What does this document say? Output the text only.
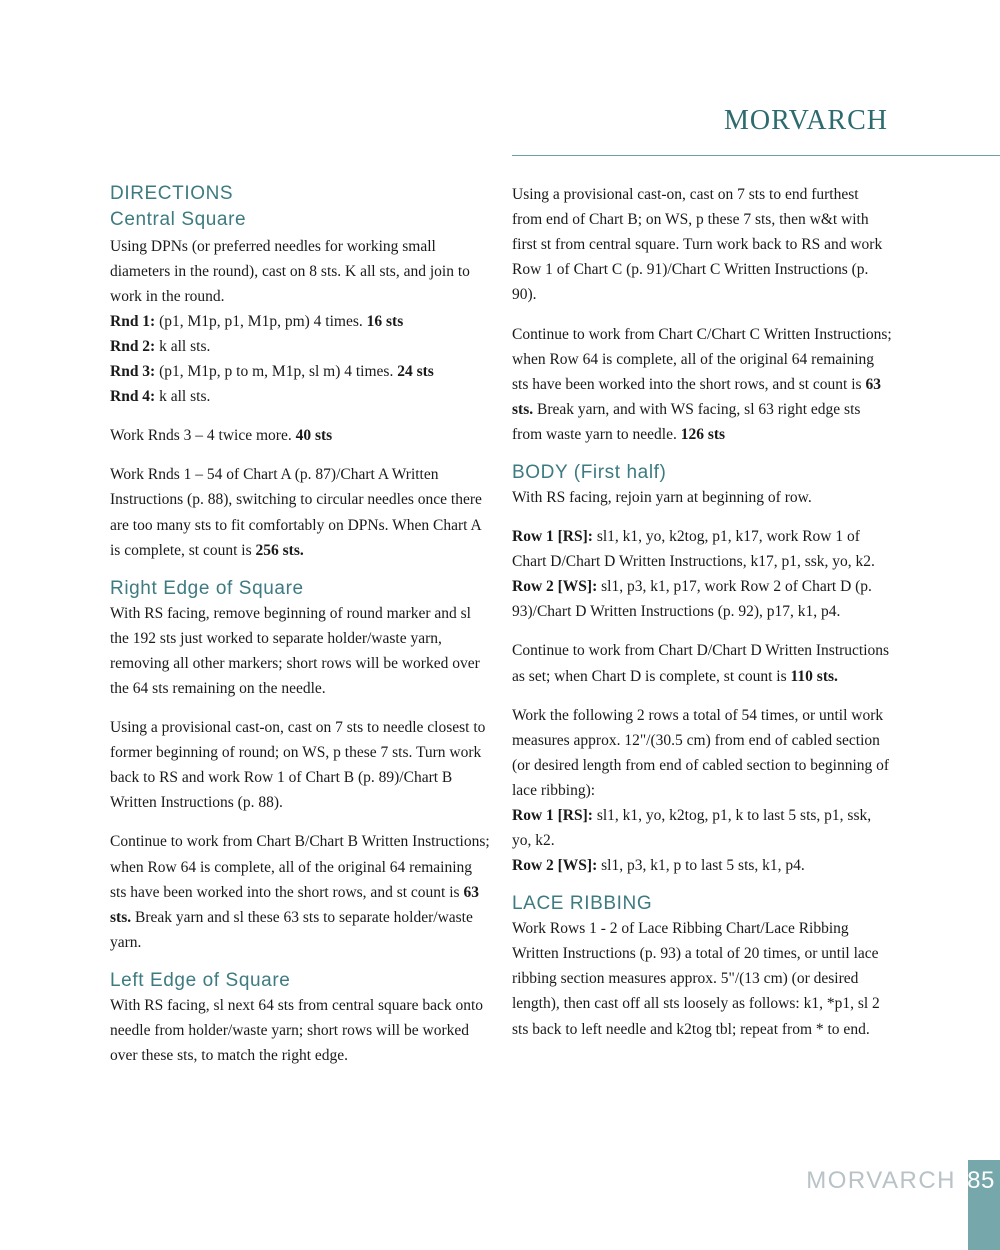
morvarch
DIRECTIONS
Central Square

Using DPNs (or preferred needles for working small diameters in the round), cast on 8 sts. K all sts, and join to work in the round.

Rnd 1: (p1, M1p, p1, M1p, pm) 4 times. 16 sts

Rnd 2: k all sts.

Rnd 3: (p1, M1p, p to m, M1p, sl m) 4 times. 24 sts

Rnd 4: k all sts.

Work Rnds 3 – 4 twice more. 40 sts

Work Rnds 1 – 54 of Chart A (p. 87)/Chart A Written Instructions (p. 88), switching to circular needles once there are too many sts to fit comfortably on DPNs. When Chart A is complete, st count is 256 sts.

Right Edge of Square

With RS facing, remove beginning of round marker and sl the 192 sts just worked to separate holder/waste yarn, removing all other markers; short rows will be worked over the 64 sts remaining on the needle.

Using a provisional cast-on, cast on 7 sts to needle closest to former beginning of round; on WS, p these 7 sts. Turn work back to RS and work Row 1 of Chart B (p. 89)/Chart B Written Instructions (p. 88).

Continue to work from Chart B/Chart B Written Instructions; when Row 64 is complete, all of the original 64 remaining sts have been worked into the short rows, and st count is 63 sts. Break yarn and sl these 63 sts to separate holder/waste yarn.

Left Edge of Square

With RS facing, sl next 64 sts from central square back onto needle from holder/waste yarn; short rows will be worked over these sts, to match the right edge.

Using a provisional cast-on, cast on 7 sts to end furthest from end of Chart B; on WS, p these 7 sts, then w&t with first st from central square. Turn work back to RS and work Row 1 of Chart C (p. 91)/Chart C Written Instructions (p. 90).

Continue to work from Chart C/Chart C Written Instructions; when Row 64 is complete, all of the original 64 remaining sts have been worked into the short rows, and st count is 63 sts. Break yarn, and with WS facing, sl 63 right edge sts from waste yarn to needle. 126 sts

BODY (First half)

With RS facing, rejoin yarn at beginning of row.

Row 1 [RS]: sl1, k1, yo, k2tog, p1, k17, work Row 1 of Chart D/Chart D Written Instructions, k17, p1, ssk, yo, k2.

Row 2 [WS]: sl1, p3, k1, p17, work Row 2 of Chart D (p. 93)/Chart D Written Instructions (p. 92), p17, k1, p4.

Continue to work from Chart D/Chart D Written Instructions as set; when Chart D is complete, st count is 110 sts.

Work the following 2 rows a total of 54 times, or until work measures approx. 12"/(30.5 cm) from end of cabled section (or desired length from end of cabled section to beginning of lace ribbing):

Row 1 [RS]: sl1, k1, yo, k2tog, p1, k to last 5 sts, p1, ssk, yo, k2.

Row 2 [WS]: sl1, p3, k1, p to last 5 sts, k1, p4.

LACE RIBBING

Work Rows 1 - 2 of Lace Ribbing Chart/Lace Ribbing Written Instructions (p. 93) a total of 20 times, or until lace ribbing section measures approx. 5"/(13 cm) (or desired length), then cast off all sts loosely as follows: k1, *p1, sl 2 sts back to left needle and k2tog tbl; repeat from * to end.

MORVARCH 85
